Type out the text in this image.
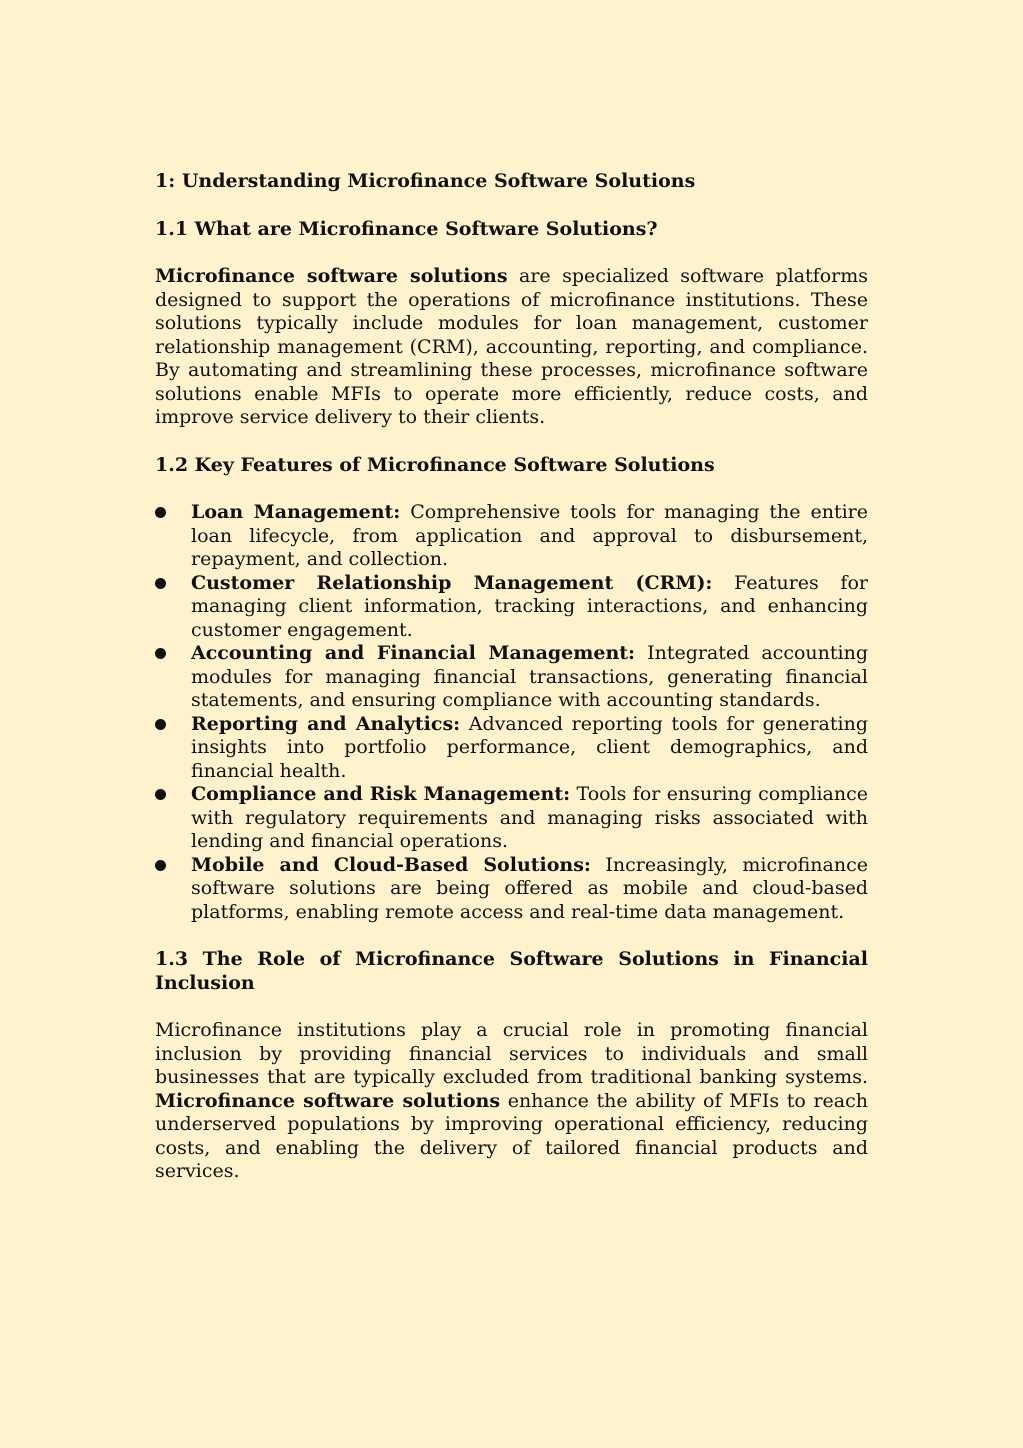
1: Understanding Microfinance Software Solutions
1.1 What are Microfinance Software Solutions?

Microfinance software solutions are specialized software platforms designed to support the operations of microfinance institutions. These solutions typically include modules for loan management, customer relationship management (CRM), accounting, reporting, and compliance. By automating and streamlining these processes, microfinance software solutions enable MFIs to operate more efficiently, reduce costs, and improve service delivery to their clients.

1.2 Key Features of Microfinance Software Solutions
Loan Management: Comprehensive tools for managing the entire loan lifecycle, from application and approval to disbursement, repayment, and collection.
Customer Relationship Management (CRM): Features for managing client information, tracking interactions, and enhancing customer engagement.
Accounting and Financial Management: Integrated accounting modules for managing financial transactions, generating financial statements, and ensuring compliance with accounting standards.
Reporting and Analytics: Advanced reporting tools for generating insights into portfolio performance, client demographics, and financial health.
Compliance and Risk Management: Tools for ensuring compliance with regulatory requirements and managing risks associated with lending and financial operations.
Mobile and Cloud-Based Solutions: Increasingly, microfinance software solutions are being offered as mobile and cloud-based platforms, enabling remote access and real-time data management.
1.3 The Role of Microfinance Software Solutions in Financial Inclusion

Microfinance institutions play a crucial role in promoting financial inclusion by providing financial services to individuals and small businesses that are typically excluded from traditional banking systems. Microfinance software solutions enhance the ability of MFIs to reach underserved populations by improving operational efficiency, reducing costs, and enabling the delivery of tailored financial products and services.
